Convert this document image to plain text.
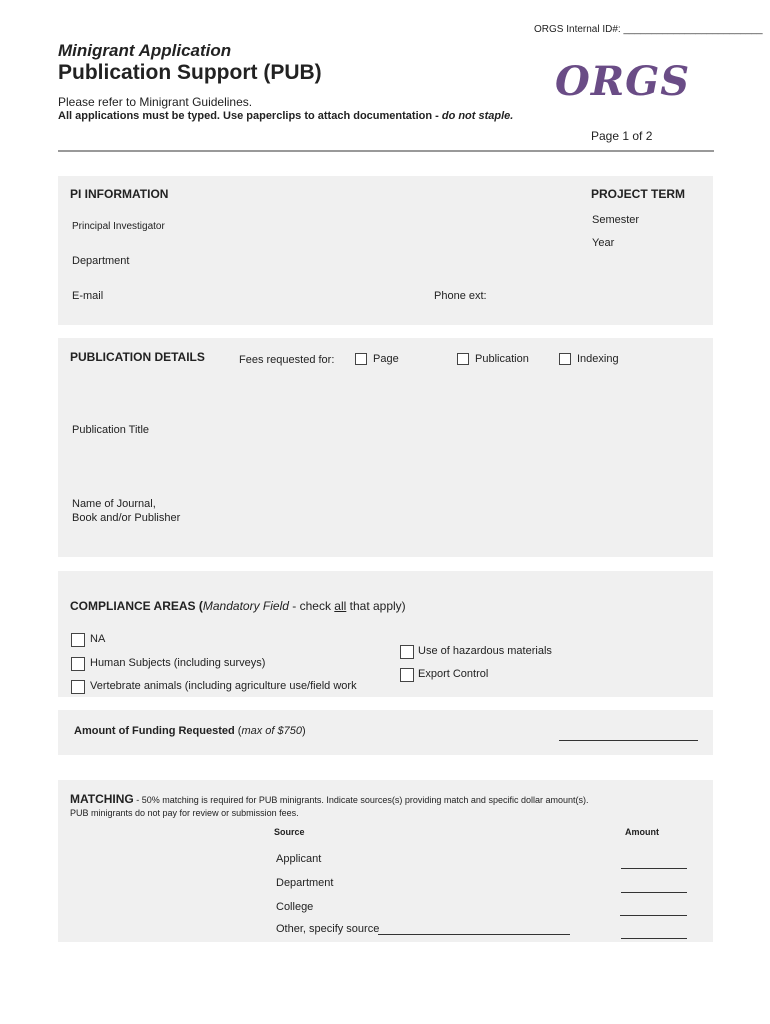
ORGS Internal ID#: _________________________
Minigrant Application
Publication Support (PUB)
Please refer to Minigrant Guidelines.
All applications must be typed. Use paperclips to attach documentation - do not staple.
ORGS
Page 1 of 2
PI INFORMATION
Principal Investigator
Department
E-mail	Phone ext:
PROJECT TERM
Semester
Year
PUBLICATION DETAILS	Fees requested for:	Page	Publication	Indexing
Publication Title
Name of Journal,
Book and/or Publisher
COMPLIANCE AREAS (Mandatory Field - check all that apply)
NA
Human Subjects (including surveys)
Vertebrate animals (including agriculture use/field work
Use of hazardous materials
Export Control
Amount of Funding Requested (max of $750)
MATCHING - 50% matching is required for PUB minigrants. Indicate sources(s) providing match and specific dollar amount(s).
PUB minigrants do not pay for review or submission fees.
Source	Amount
Applicant
Department
College
Other, specify source
